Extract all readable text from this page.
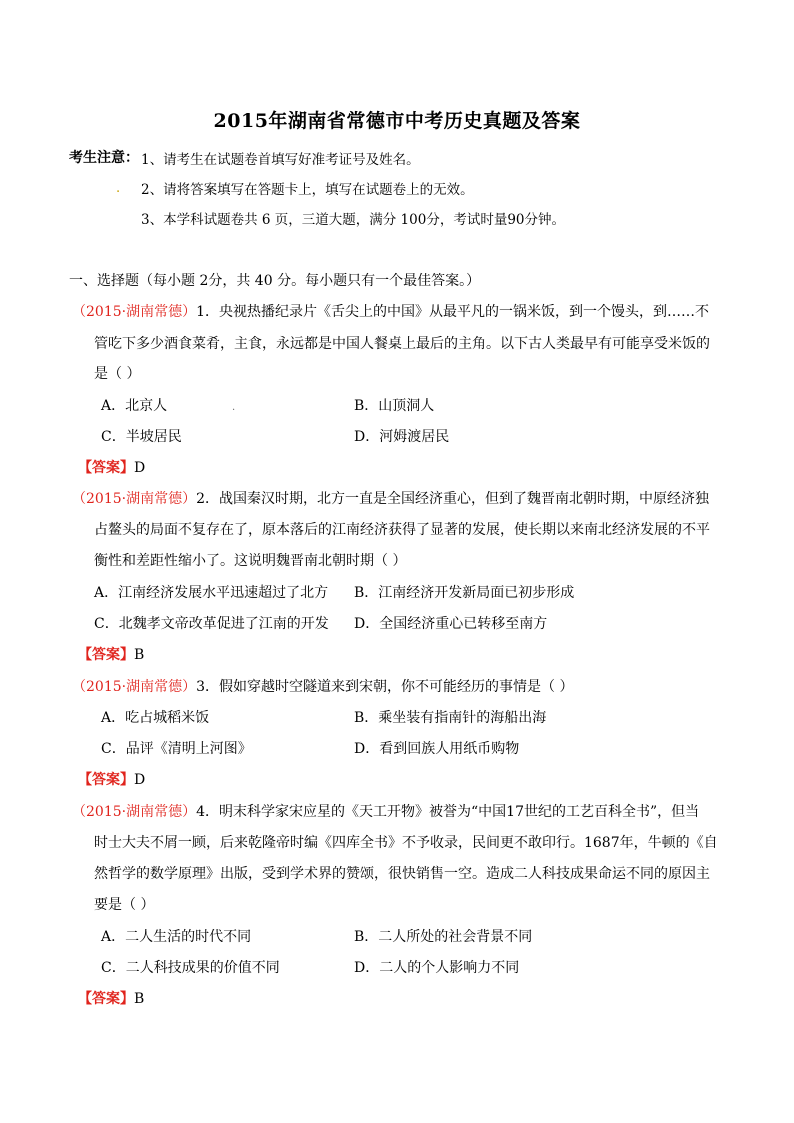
2015年湖南省常德市中考历史真题及答案
考生注意： 1、请考生在试题卷首填写好准考证号及姓名。
. 2、请将答案填写在答题卡上，填写在试题卷上的无效。
3、本学科试题卷共 6 页，三道大题，满分 100分，考试时量90分钟。
一、选择题（每小题 2分，共 40 分。每小题只有一个最佳答案。）
（2015·湖南常德）1．央视热播纪录片《舌尖上的中国》从最平凡的一锅米饭，到一个馒头，到……不
管吃下多少酒食菜肴，主食，永远都是中国人餐桌上最后的主角。以下古人类最早有可能享受米饭的
是（ ）
A．北京人	.	B．山顶洞人
C．半坡居民	D．河姆渡居民
【答案】D
（2015·湖南常德）2．战国秦汉时期，北方一直是全国经济重心，但到了魏晋南北朝时期，中原经济独
占鳌头的局面不复存在了，原本落后的江南经济获得了显著的发展，使长期以来南北经济发展的不平
衡性和差距性缩小了。这说明魏晋南北朝时期（ ）
A．江南经济发展水平迅速超过了北方 B．江南经济开发新局面已初步形成
C．北魏孝文帝改革促进了江南的开发 D．全国经济重心已转移至南方
【答案】B
（2015·湖南常德）3．假如穿越时空隧道来到宋朝，你不可能经历的事情是（ ）
A．吃占城稻米饭	B．乘坐装有指南针的海船出海
C．品评《清明上河图》	D．看到回族人用纸币购物
【答案】D
（2015·湖南常德）4．明末科学家宋应星的《天工开物》被誉为“中国17世纪的工艺百科全书”，但当
时士大夫不屑一顾，后来乾隆帝时编《四库全书》不予收录，民间更不敢印行。1687年，牛顿的《自
然哲学的数学原理》出版，受到学术界的赞颂，很快销售一空。造成二人科技成果命运不同的原因主
要是（ ）
A．二人生活的时代不同	B．二人所处的社会背景不同
C．二人科技成果的价值不同	D．二人的个人影响力不同
【答案】B
